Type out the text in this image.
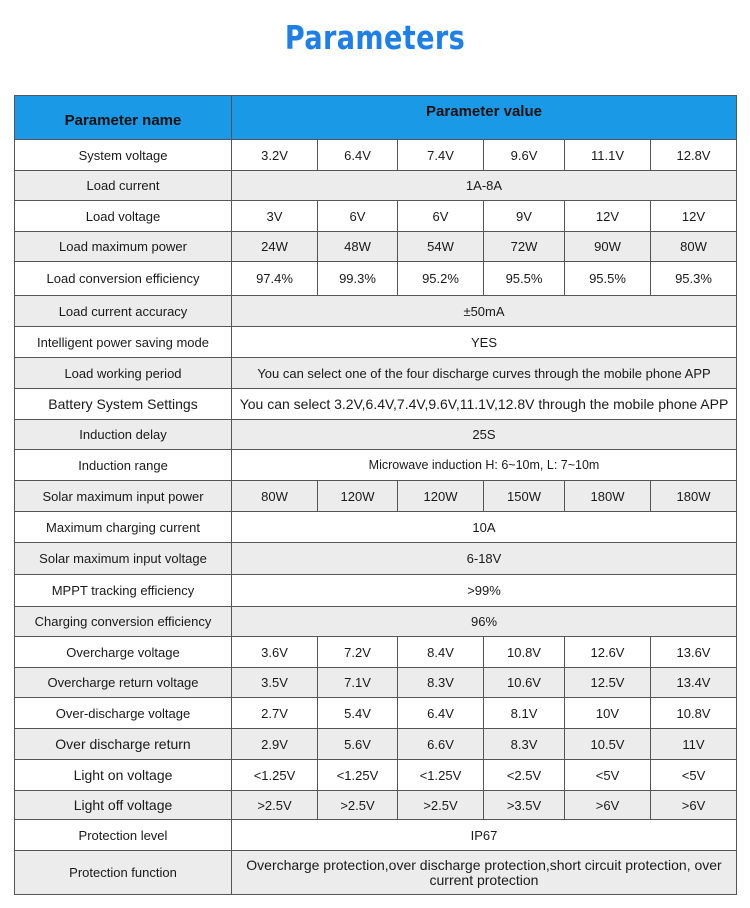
Parameters
Parameter name	Parameter value					
System voltage	3.2V	6.4V	7.4V	9.6V	11.1V	12.8V
Load current	1A-8A					
Load voltage	3V	6V	6V	9V	12V	12V
Load maximum power	24W	48W	54W	72W	90W	80W
Load conversion efficiency	97.4%	99.3%	95.2%	95.5%	95.5%	95.3%
Load current accuracy	±50mA					
Intelligent power saving mode	YES					
Load working period	You can select one of the four discharge curves through the mobile phone APP					
Battery System Settings	You can select 3.2V,6.4V,7.4V,9.6V,11.1V,12.8V through the mobile phone APP					
Induction delay	25S					
Induction range	Microwave induction H: 6~10m, L: 7~10m					
Solar maximum input power	80W	120W	120W	150W	180W	180W
Maximum charging current	10A					
Solar maximum input voltage	6-18V					
MPPT tracking efficiency	>99%					
Charging conversion efficiency	96%					
Overcharge voltage	3.6V	7.2V	8.4V	10.8V	12.6V	13.6V
Overcharge return voltage	3.5V	7.1V	8.3V	10.6V	12.5V	13.4V
Over-discharge voltage	2.7V	5.4V	6.4V	8.1V	10V	10.8V
Over discharge return	2.9V	5.6V	6.6V	8.3V	10.5V	11V
Light on voltage	<1.25V	<1.25V	<1.25V	<2.5V	<5V	<5V
Light off voltage	>2.5V	>2.5V	>2.5V	>3.5V	>6V	>6V
Protection level	IP67					
Protection function	Overcharge protection,over discharge protection,short circuit protection, over current protection					
